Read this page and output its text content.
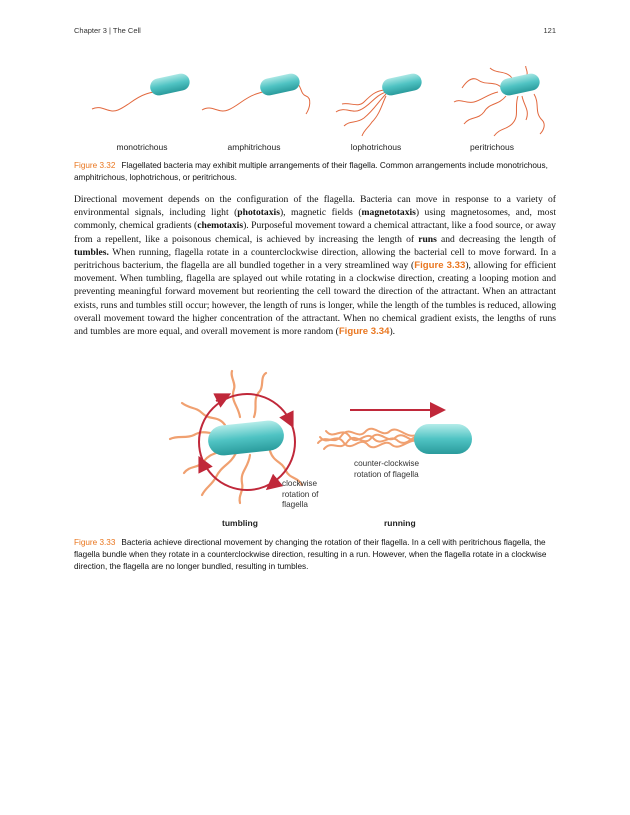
Chapter 3 | The Cell	121
monotrichous	amphitrichous	lophotrichous	peritrichous
Figure 3.32 Flagellated bacteria may exhibit multiple arrangements of their flagella. Common arrangements include monotrichous, amphitrichous, lophotrichous, or peritrichous.
Directional movement depends on the configuration of the flagella. Bacteria can move in response to a variety of environmental signals, including light (phototaxis), magnetic fields (magnetotaxis) using magnetosomes, and, most commonly, chemical gradients (chemotaxis). Purposeful movement toward a chemical attractant, like a food source, or away from a repellent, like a poisonous chemical, is achieved by increasing the length of runs and decreasing the length of tumbles. When running, flagella rotate in a counterclockwise direction, allowing the bacterial cell to move forward. In a peritrichous bacterium, the flagella are all bundled together in a very streamlined way (Figure 3.33), allowing for efficient movement. When tumbling, flagella are splayed out while rotating in a clockwise direction, creating a looping motion and preventing meaningful forward movement but reorienting the cell toward the direction of the attractant. When an attractant exists, runs and tumbles still occur; however, the length of runs is longer, while the length of the tumbles is reduced, allowing overall movement toward the higher concentration of the attractant. When no chemical gradient exists, the lengths of runs and tumbles are more equal, and overall movement is more random (Figure 3.34).
clockwise rotation of flagella
counter-clockwise rotation of flagella
tumbling	running
Figure 3.33 Bacteria achieve directional movement by changing the rotation of their flagella. In a cell with peritrichous flagella, the flagella bundle when they rotate in a counterclockwise direction, resulting in a run. However, when the flagella rotate in a clockwise direction, the flagella are no longer bundled, resulting in tumbles.
